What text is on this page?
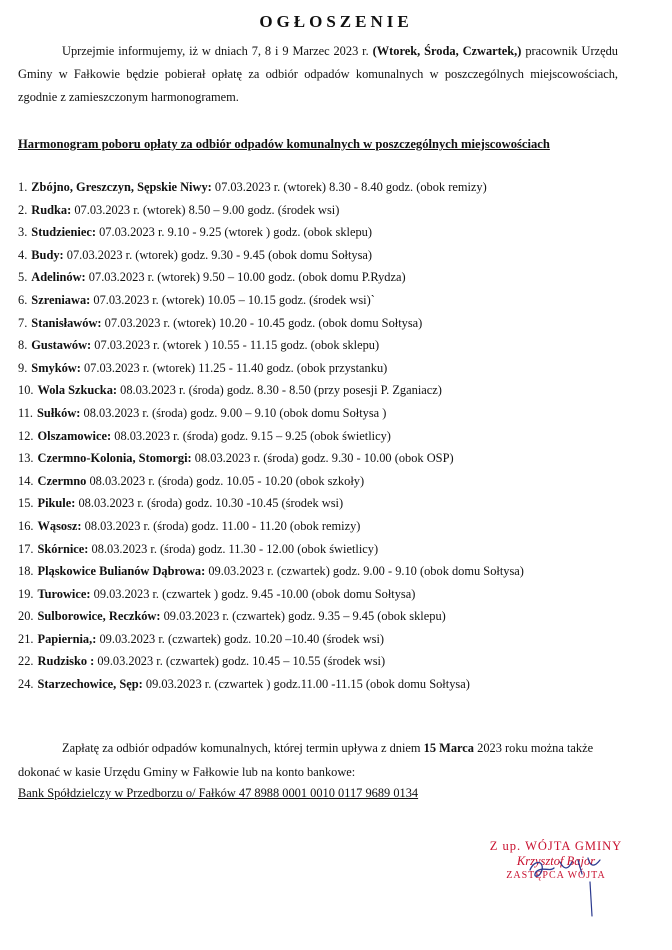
OGŁOSZENIE

Uprzejmie informujemy, iż w dniach 7, 8 i 9 Marzec 2023 r. (Wtorek, Środa, Czwartek,) pracownik Urzędu Gminy w Fałkowie będzie pobierał opłatę za odbiór odpadów komunalnych w poszczególnych miejscowościach, zgodnie z zamieszczonym harmonogramem.

Harmonogram poboru opłaty za odbiór odpadów komunalnych w poszczególnych miejscowościach

1. Zbójno, Greszczyn, Sępskie Niwy: 07.03.2023 r. (wtorek) 8.30 - 8.40 godz. (obok remizy)
2. Rudka: 07.03.2023 r. (wtorek) 8.50 – 9.00 godz. (środek wsi)
3. Studzieniec: 07.03.2023 r. 9.10 - 9.25 (wtorek ) godz. (obok sklepu)
4. Budy: 07.03.2023 r. (wtorek) godz. 9.30 - 9.45 (obok domu Sołtysa)
5. Adelinów: 07.03.2023 r. (wtorek) 9.50 – 10.00 godz. (obok domu P.Rydza)
6. Szreniawa: 07.03.2023 r. (wtorek) 10.05 – 10.15 godz. (środek wsi)`
7. Stanisławów: 07.03.2023 r. (wtorek) 10.20 - 10.45 godz. (obok domu Sołtysa)
8. Gustawów: 07.03.2023 r. (wtorek ) 10.55 - 11.15 godz. (obok sklepu)
9. Smyków: 07.03.2023 r. (wtorek) 11.25 - 11.40 godz. (obok przystanku)
10. Wola Szkucka: 08.03.2023 r. (środa) godz. 8.30 - 8.50 (przy posesji P. Zganiacz)
11. Sułków: 08.03.2023 r. (środa) godz. 9.00 – 9.10 (obok domu Sołtysa )
12. Olszamowice: 08.03.2023 r. (środa) godz. 9.15 – 9.25 (obok świetlicy)
13. Czermno-Kolonia, Stomorgi: 08.03.2023 r. (środa) godz. 9.30 - 10.00 (obok OSP)
14. Czermno 08.03.2023 r. (środa) godz. 10.05 - 10.20 (obok szkoły)
15. Pikule: 08.03.2023 r. (środa) godz. 10.30 -10.45 (środek wsi)
16. Wąsosz: 08.03.2023 r. (środa) godz. 11.00 - 11.20 (obok remizy)
17. Skórnice: 08.03.2023 r. (środa) godz. 11.30 - 12.00 (obok świetlicy)
18. Pląskowice Bulianów Dąbrowa: 09.03.2023 r. (czwartek) godz. 9.00 - 9.10 (obok domu Sołtysa)
19. Turowice: 09.03.2023 r. (czwartek ) godz. 9.45 -10.00 (obok domu Sołtysa)
20. Sulborowice, Reczków: 09.03.2023 r. (czwartek) godz. 9.35 – 9.45 (obok sklepu)
21. Papiernia,: 09.03.2023 r. (czwartek) godz. 10.20 –10.40 (środek wsi)
22. Rudzisko : 09.03.2023 r. (czwartek) godz. 10.45 – 10.55 (środek wsi)
24. Starzechowice, Sęp: 09.03.2023 r. (czwartek ) godz.11.00 -11.15 (obok domu Sołtysa)

Zapłatę za odbiór odpadów komunalnych, której termin upływa z dniem 15 Marca 2023 roku można także dokonać w kasie Urzędu Gminy w Fałkowie lub na konto bankowe:

Bank Spółdzielczy w Przedborzu o/ Fałków 47 8988 0001 0010 0117 9689 0134

Z up. WÓJTA GMINY
Krzysztof Bajor
ZASTĘPCA WÓJTA
